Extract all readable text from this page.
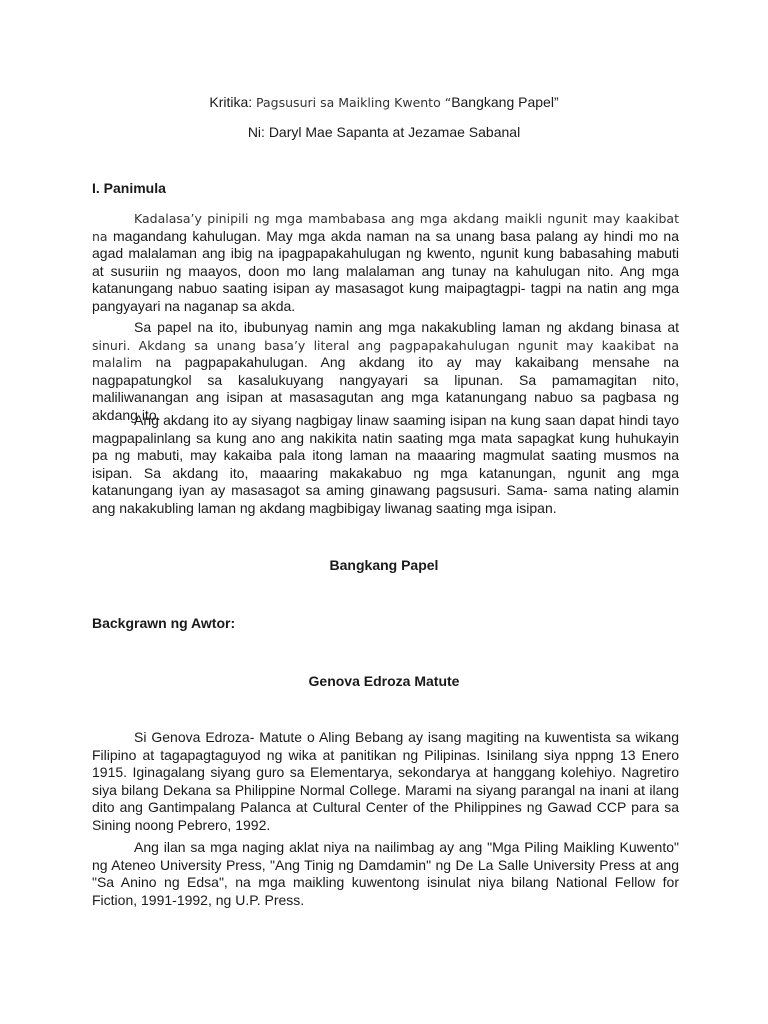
Kritika: Pagsusuri sa Maikling Kwento “Bangkang Papel”
Ni: Daryl Mae Sapanta at Jezamae Sabanal
I. Panimula
Kadalasa’y pinipili ng mga mambabasa ang mga akdang maikli ngunit may kaakibat na magandang kahulugan. May mga akda naman na sa unang basa palang ay hindi mo na agad malalaman ang ibig na ipagpapakahulugan ng kwento, ngunit kung babasahing mabuti at susuriin ng maayos, doon mo lang malalaman ang tunay na kahulugan nito. Ang mga katanungang nabuo saating isipan ay masasagot kung maipagtagpi- tagpi na natin ang mga pangyayari na naganap sa akda.
Sa papel na ito, ibubunyag namin ang mga nakakubling laman ng akdang binasa at sinuri. Akdang sa unang basa’y literal ang pagpapakahulugan ngunit may kaakibat na malalim na pagpapakahulugan. Ang akdang ito ay may kakaibang mensahe na nagpapatungkol sa kasalukuyang nangyayari sa lipunan. Sa pamamagitan nito, maliliwanangan ang isipan at masasagutan ang mga katanungang nabuo sa pagbasa ng akdang ito.
Ang akdang ito ay siyang nagbigay linaw saaming isipan na kung saan dapat hindi tayo magpapalinlang sa kung ano ang nakikita natin saating mga mata sapagkat kung huhukayin pa ng mabuti, may kakaiba pala itong laman na maaaring magmulat saating musmos na isipan. Sa akdang ito, maaaring makakabuo ng mga katanungan, ngunit ang mga katanungang iyan ay masasagot sa aming ginawang pagsusuri. Sama- sama nating alamin ang nakakubling laman ng akdang magbibigay liwanag saating mga isipan.
Bangkang Papel
Backgrawn ng Awtor:
Genova Edroza Matute
Si Genova Edroza- Matute o Aling Bebang ay isang magiting na kuwentista sa wikang Filipino at tagapagtaguyod ng wika at panitikan ng Pilipinas. Isinilang siya nppng 13 Enero 1915. Iginagalang siyang guro sa Elementarya, sekondarya at hanggang kolehiyo. Nagretiro siya bilang Dekana sa Philippine Normal College. Marami na siyang parangal na inani at ilang dito ang Gantimpalang Palanca at Cultural Center of the Philippines ng Gawad CCP para sa Sining noong Pebrero, 1992.
Ang ilan sa mga naging aklat niya na nailimbag ay ang "Mga Piling Maikling Kuwento" ng Ateneo University Press, "Ang Tinig ng Damdamin" ng De La Salle University Press at ang "Sa Anino ng Edsa", na mga maikling kuwentong isinulat niya bilang National Fellow for Fiction, 1991-1992, ng U.P. Press.
